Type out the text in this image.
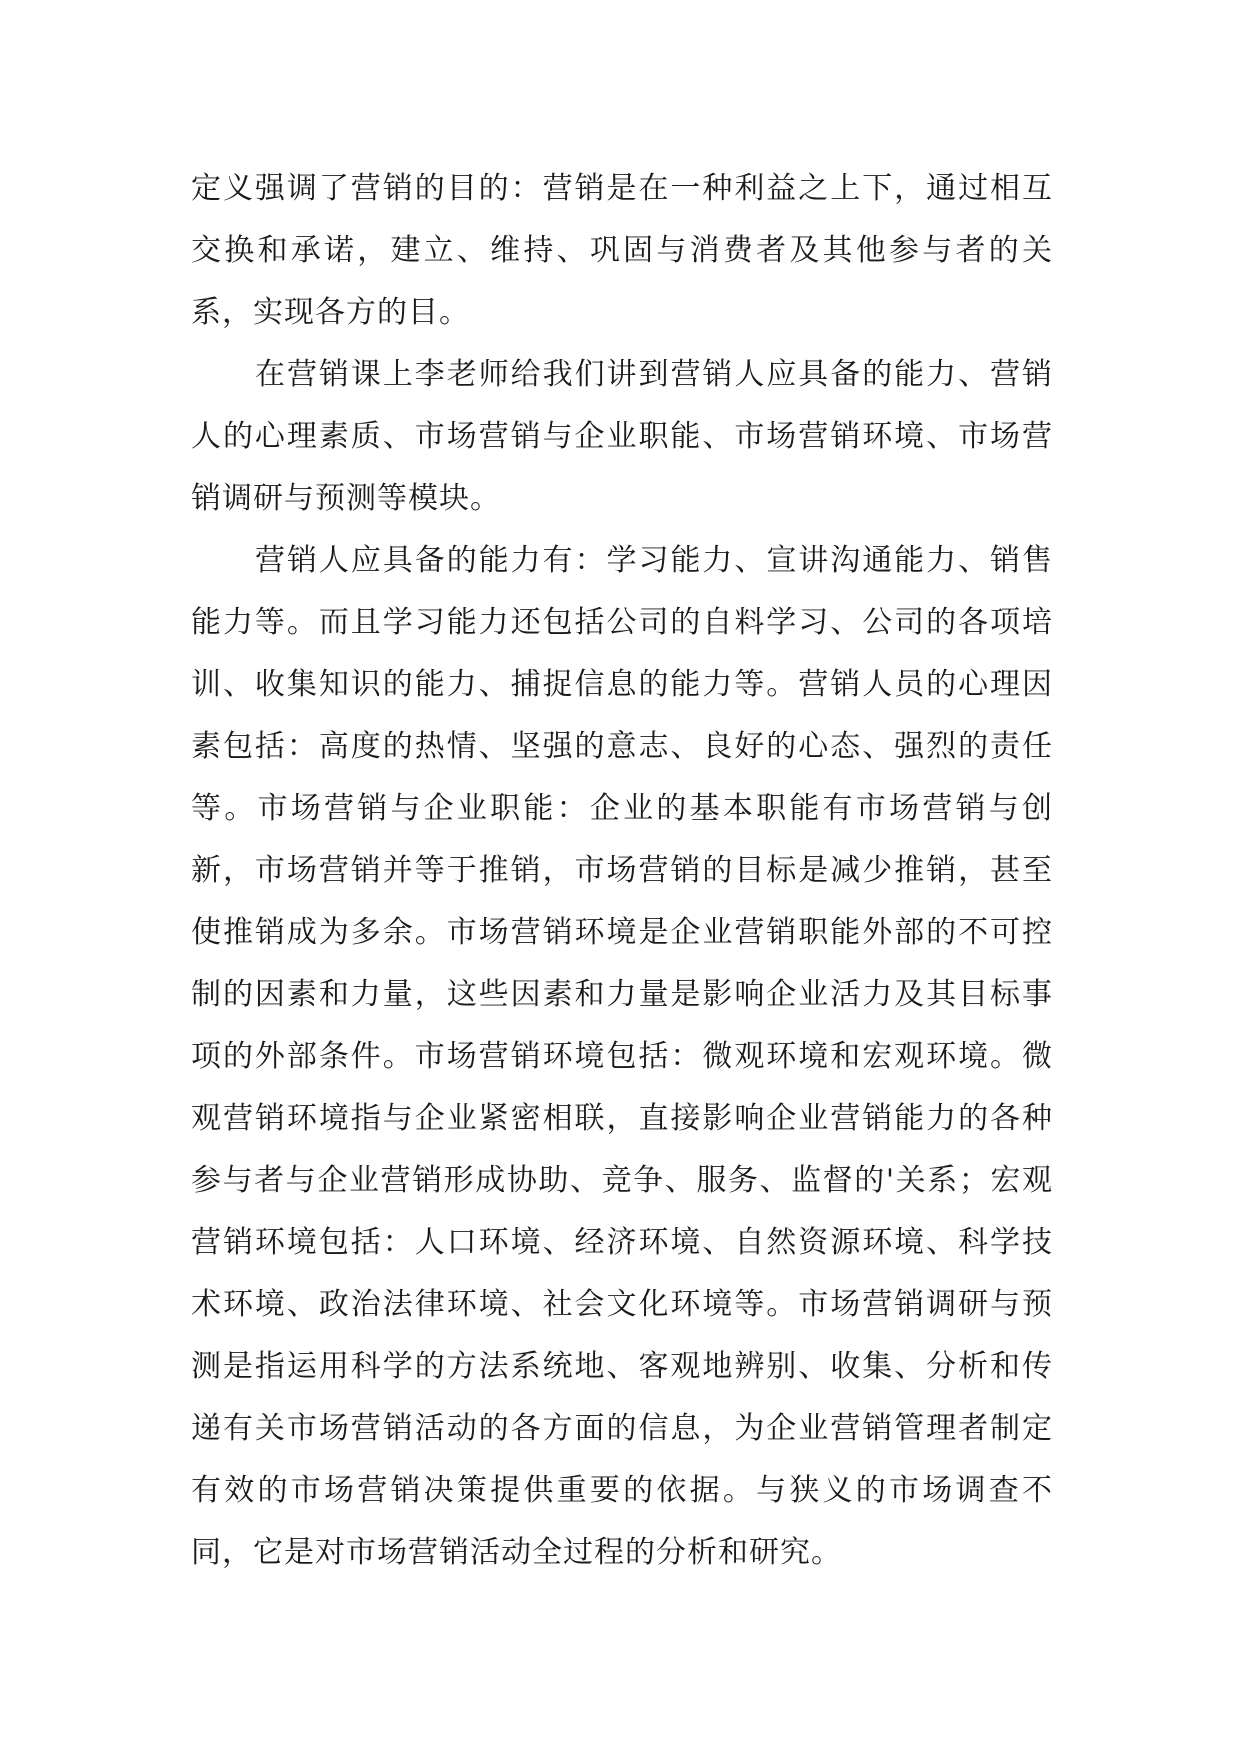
定义强调了营销的目的：营销是在一种利益之上下，通过相互交换和承诺，建立、维持、巩固与消费者及其他参与者的关系，实现各方的目。

在营销课上李老师给我们讲到营销人应具备的能力、营销人的心理素质、市场营销与企业职能、市场营销环境、市场营销调研与预测等模块。

营销人应具备的能力有：学习能力、宣讲沟通能力、销售能力等。而且学习能力还包括公司的自料学习、公司的各项培训、收集知识的能力、捕捉信息的能力等。营销人员的心理因素包括：高度的热情、坚强的意志、良好的心态、强烈的责任等。市场营销与企业职能：企业的基本职能有市场营销与创新，市场营销并等于推销，市场营销的目标是减少推销，甚至使推销成为多余。市场营销环境是企业营销职能外部的不可控制的因素和力量，这些因素和力量是影响企业活力及其目标事项的外部条件。市场营销环境包括：微观环境和宏观环境。微观营销环境指与企业紧密相联，直接影响企业营销能力的各种参与者与企业营销形成协助、竞争、服务、监督的'关系；宏观营销环境包括：人口环境、经济环境、自然资源环境、科学技术环境、政治法律环境、社会文化环境等。市场营销调研与预测是指运用科学的方法系统地、客观地辨别、收集、分析和传递有关市场营销活动的各方面的信息，为企业营销管理者制定有效的市场营销决策提供重要的依据。与狭义的市场调查不同，它是对市场营销活动全过程的分析和研究。
